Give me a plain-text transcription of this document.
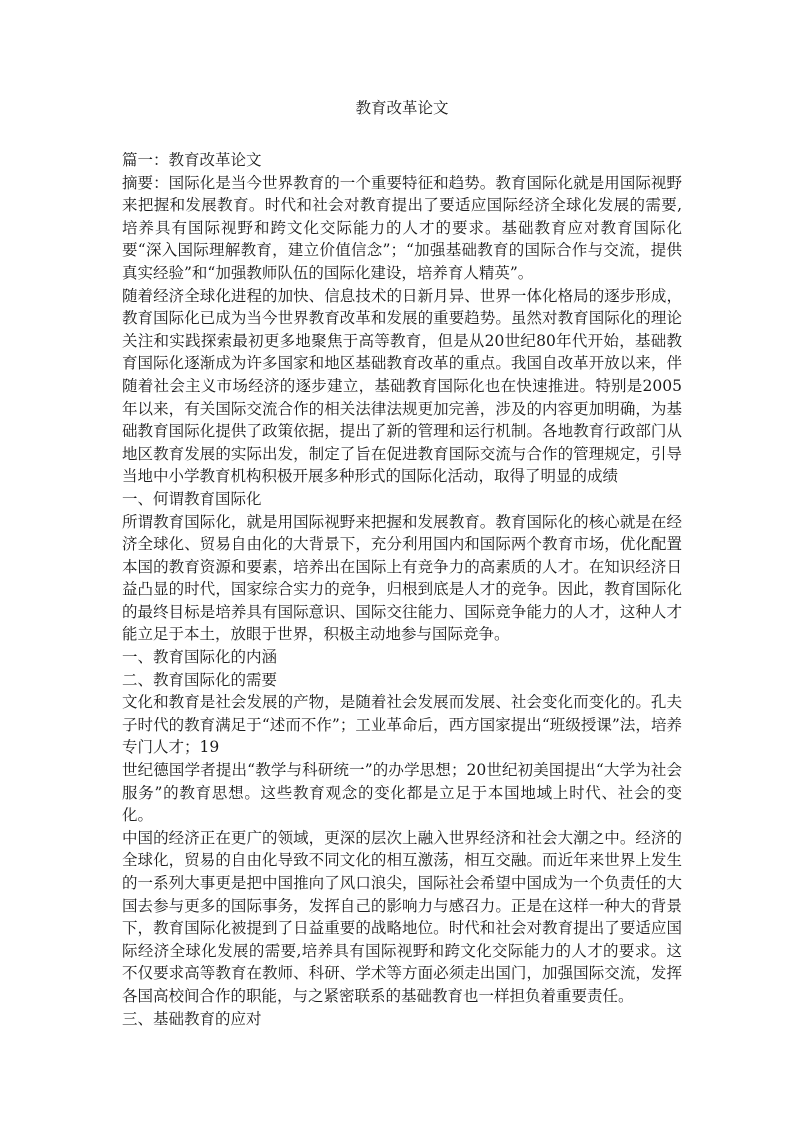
教育改革论文

篇一：教育改革论文

摘要：国际化是当今世界教育的一个重要特征和趋势。教育国际化就是用国际视野来把握和发展教育。时代和社会对教育提出了要适应国际经济全球化发展的需要,培养具有国际视野和跨文化交际能力的人才的要求。基础教育应对教育国际化要“深入国际理解教育，建立价值信念”；“加强基础教育的国际合作与交流，提供真实经验”和“加强教师队伍的国际化建设，培养育人精英”。

随着经济全球化进程的加快、信息技术的日新月异、世界一体化格局的逐步形成，教育国际化已成为当今世界教育改革和发展的重要趋势。虽然对教育国际化的理论关注和实践探索最初更多地聚焦于高等教育，但是从20世纪80年代开始，基础教育国际化逐渐成为许多国家和地区基础教育改革的重点。我国自改革开放以来，伴随着社会主义市场经济的逐步建立，基础教育国际化也在快速推进。特别是2005年以来，有关国际交流合作的相关法律法规更加完善，涉及的内容更加明确，为基础教育国际化提供了政策依据，提出了新的管理和运行机制。各地教育行政部门从地区教育发展的实际出发，制定了旨在促进教育国际交流与合作的管理规定，引导当地中小学教育机构积极开展多种形式的国际化活动，取得了明显的成绩

一、何谓教育国际化

所谓教育国际化，就是用国际视野来把握和发展教育。教育国际化的核心就是在经济全球化、贸易自由化的大背景下，充分利用国内和国际两个教育市场，优化配置本国的教育资源和要素，培养出在国际上有竞争力的高素质的人才。在知识经济日益凸显的时代，国家综合实力的竞争，归根到底是人才的竞争。因此，教育国际化的最终目标是培养具有国际意识、国际交往能力、国际竞争能力的人才，这种人才能立足于本土，放眼于世界，积极主动地参与国际竞争。

一、教育国际化的内涵

二、教育国际化的需要

文化和教育是社会发展的产物，是随着社会发展而发展、社会变化而变化的。孔夫子时代的教育满足于“述而不作”；工业革命后，西方国家提出“班级授课”法，培养专门人才；19

世纪德国学者提出“教学与科研统一”的办学思想；20世纪初美国提出“大学为社会服务”的教育思想。这些教育观念的变化都是立足于本国地域上时代、社会的变化。

中国的经济正在更广的领域，更深的层次上融入世界经济和社会大潮之中。经济的全球化，贸易的自由化导致不同文化的相互激荡，相互交融。而近年来世界上发生的一系列大事更是把中国推向了风口浪尖，国际社会希望中国成为一个负责任的大国去参与更多的国际事务，发挥自己的影响力与感召力。正是在这样一种大的背景下，教育国际化被提到了日益重要的战略地位。时代和社会对教育提出了要适应国际经济全球化发展的需要,培养具有国际视野和跨文化交际能力的人才的要求。这不仅要求高等教育在教师、科研、学术等方面必须走出国门，加强国际交流，发挥各国高校间合作的职能，与之紧密联系的基础教育也一样担负着重要责任。

三、基础教育的应对
